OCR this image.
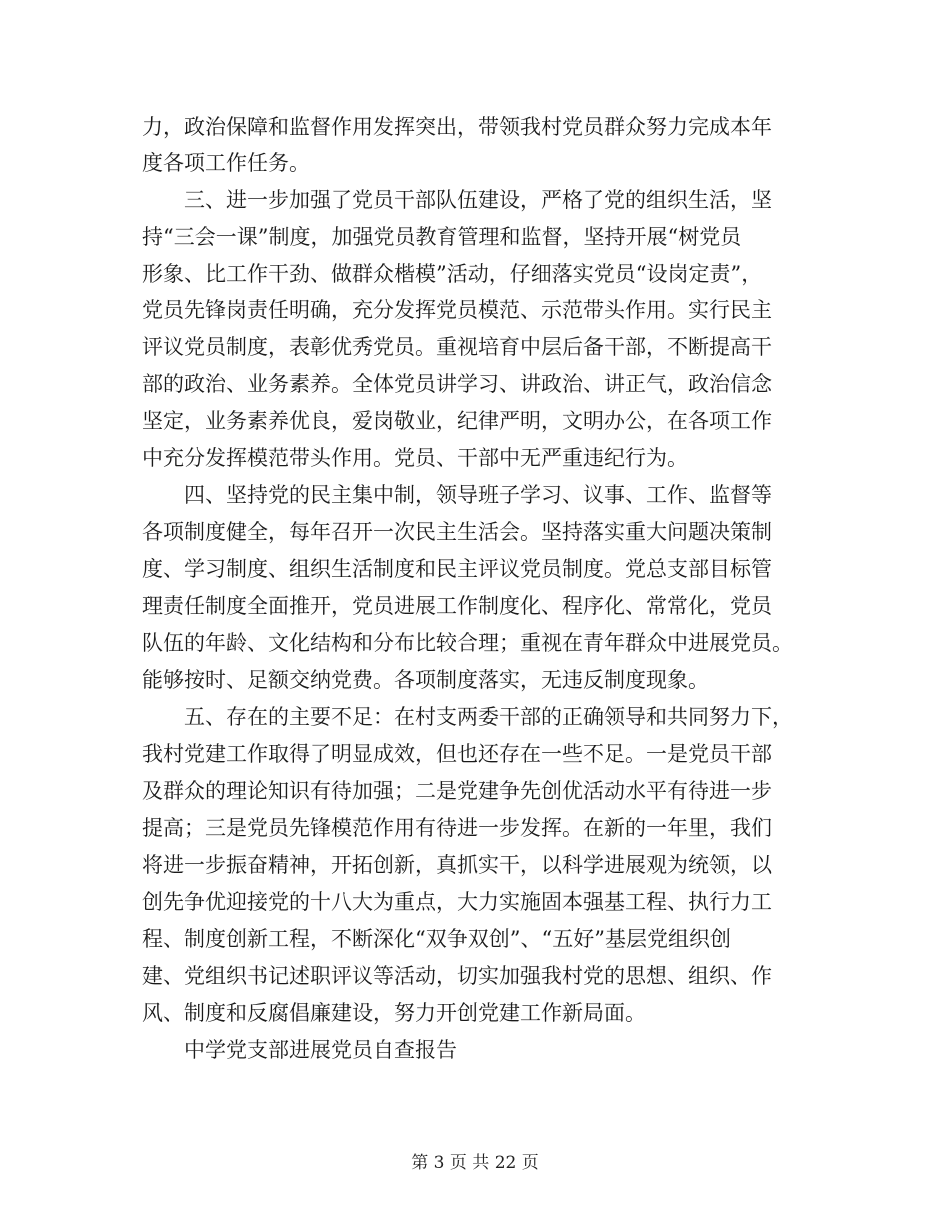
力，政治保障和监督作用发挥突出，带领我村党员群众努力完成本年
度各项工作任务。
　　三、进一步加强了党员干部队伍建设，严格了党的组织生活，坚
持“三会一课”制度，加强党员教育管理和监督，坚持开展“树党员
形象、比工作干劲、做群众楷模”活动，仔细落实党员“设岗定责”，
党员先锋岗责任明确，充分发挥党员模范、示范带头作用。实行民主
评议党员制度，表彰优秀党员。重视培育中层后备干部，不断提高干
部的政治、业务素养。全体党员讲学习、讲政治、讲正气，政治信念
坚定，业务素养优良，爱岗敬业，纪律严明，文明办公，在各项工作
中充分发挥模范带头作用。党员、干部中无严重违纪行为。
　　四、坚持党的民主集中制，领导班子学习、议事、工作、监督等
各项制度健全，每年召开一次民主生活会。坚持落实重大问题决策制
度、学习制度、组织生活制度和民主评议党员制度。党总支部目标管
理责任制度全面推开，党员进展工作制度化、程序化、常常化，党员
队伍的年龄、文化结构和分布比较合理；重视在青年群众中进展党员。
能够按时、足额交纳党费。各项制度落实，无违反制度现象。
　　五、存在的主要不足：在村支两委干部的正确领导和共同努力下，
我村党建工作取得了明显成效，但也还存在一些不足。一是党员干部
及群众的理论知识有待加强；二是党建争先创优活动水平有待进一步
提高；三是党员先锋模范作用有待进一步发挥。在新的一年里，我们
将进一步振奋精神，开拓创新，真抓实干，以科学进展观为统领，以
创先争优迎接党的十八大为重点，大力实施固本强基工程、执行力工
程、制度创新工程，不断深化“双争双创”、“五好”基层党组织创
建、党组织书记述职评议等活动，切实加强我村党的思想、组织、作
风、制度和反腐倡廉建设，努力开创党建工作新局面。
　　中学党支部进展党员自查报告
第 3 页 共 22 页
